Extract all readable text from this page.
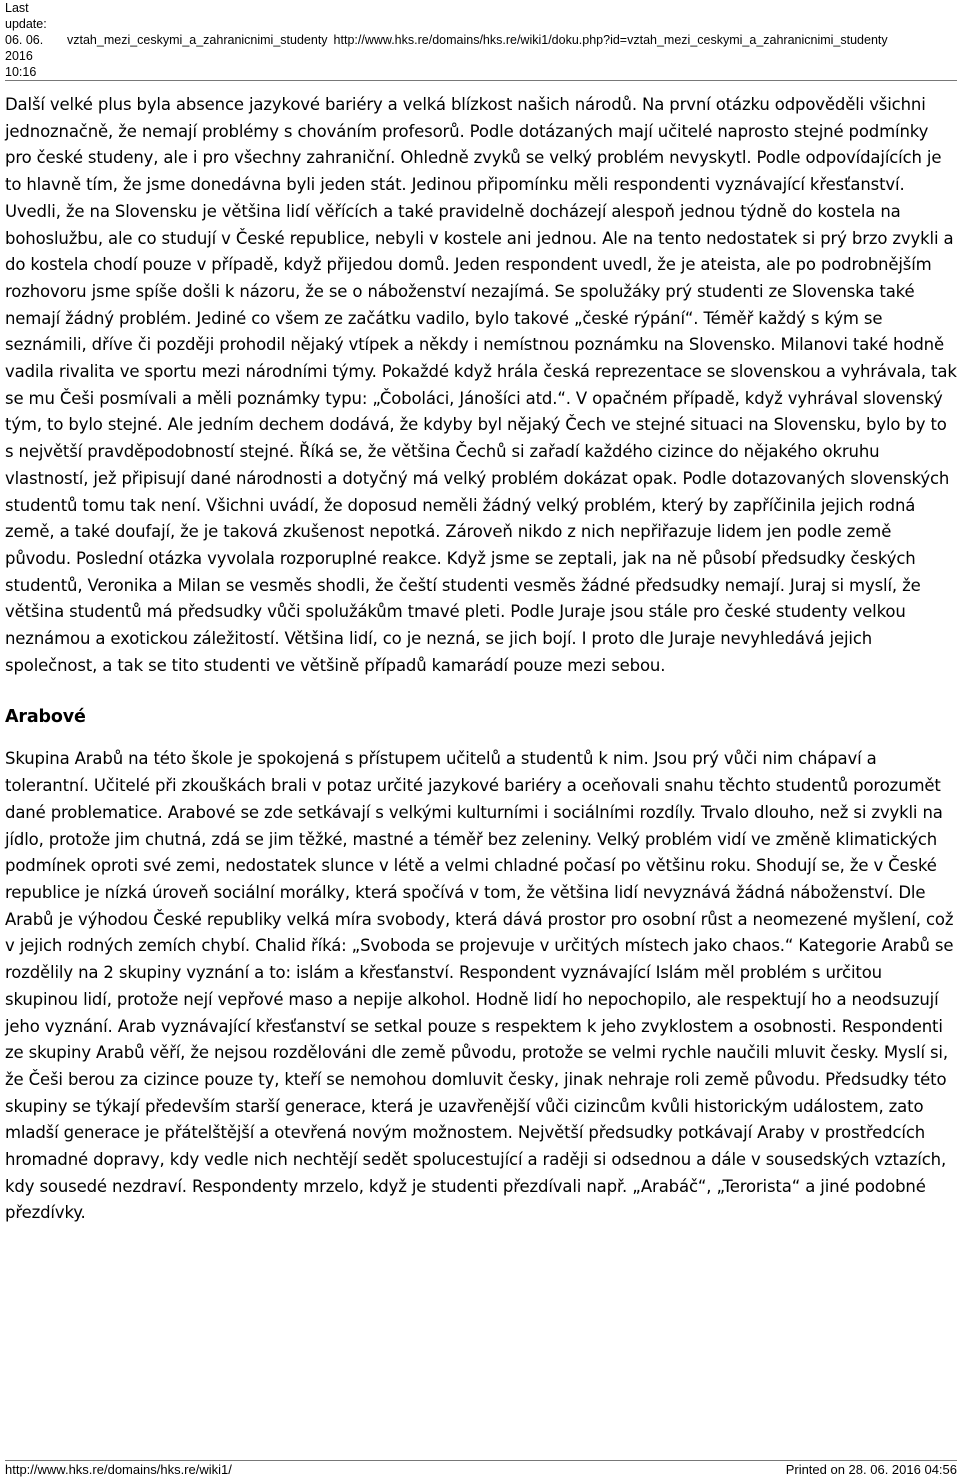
Last update:
06. 06. 2016 10:16
vztah_mezi_ceskymi_a_zahranicnimi_studenty http://www.hks.re/domains/hks.re/wiki1/doku.php?id=vztah_mezi_ceskymi_a_zahranicnimi_studenty

Další velké plus byla absence jazykové bariéry a velká blízkost našich národů. Na první otázku odpověděli všichni jednoznačně, že nemají problémy s chováním profesorů. Podle dotázaných mají učitelé naprosto stejné podmínky pro české studeny, ale i pro všechny zahraniční. Ohledně zvyků se velký problém nevyskytl. Podle odpovídajících je to hlavně tím, že jsme donedávna byli jeden stát. Jedinou připomínku měli respondenti vyznávající křesťanství. Uvedli, že na Slovensku je většina lidí věřících a také pravidelně docházejí alespoň jednou týdně do kostela na bohoslužbu, ale co studují v České republice, nebyli v kostele ani jednou. Ale na tento nedostatek si prý brzo zvykli a do kostela chodí pouze v případě, když přijedou domů. Jeden respondent uvedl, že je ateista, ale po podrobnějším rozhovoru jsme spíše došli k názoru, že se o náboženství nezajímá. Se spolužáky prý studenti ze Slovenska také nemají žádný problém. Jediné co všem ze začátku vadilo, bylo takové „české rýpání“. Téměř každý s kým se seznámili, dříve či později prohodil nějaký vtípek a někdy i nemístnou poznámku na Slovensko. Milanovi také hodně vadila rivalita ve sportu mezi národními týmy. Pokaždé když hrála česká reprezentace se slovenskou a vyhrávala, tak se mu Češi posmívali a měli poznámky typu: „Čoboláci, Jánošíci atd.“. V opačném případě, když vyhrával slovenský tým, to bylo stejné. Ale jedním dechem dodává, že kdyby byl nějaký Čech ve stejné situaci na Slovensku, bylo by to s největší pravděpodobností stejné. Říká se, že většina Čechů si zařadí každého cizince do nějakého okruhu vlastností, jež připisují dané národnosti a dotyčný má velký problém dokázat opak. Podle dotazovaných slovenských studentů tomu tak není. Všichni uvádí, že doposud neměli žádný velký problém, který by zapříčinila jejich rodná země, a také doufají, že je taková zkušenost nepotká. Zároveň nikdo z nich nepřiřazuje lidem jen podle země původu. Poslední otázka vyvolala rozporuplné reakce. Když jsme se zeptali, jak na ně působí předsudky českých studentů, Veronika a Milan se vesměs shodli, že čeští studenti vesměs žádné předsudky nemají. Juraj si myslí, že většina studentů má předsudky vůči spolužákům tmavé pleti. Podle Juraje jsou stále pro české studenty velkou neznámou a exotickou záležitostí. Většina lidí, co je nezná, se jich bojí. I proto dle Juraje nevyhledává jejich společnost, a tak se tito studenti ve většině případů kamarádí pouze mezi sebou.

Arabové

Skupina Arabů na této škole je spokojená s přístupem učitelů a studentů k nim. Jsou prý vůči nim chápaví a tolerantní. Učitelé při zkouškách brali v potaz určité jazykové bariéry a oceňovali snahu těchto studentů porozumět dané problematice. Arabové se zde setkávají s velkými kulturními i sociálními rozdíly. Trvalo dlouho, než si zvykli na jídlo, protože jim chutná, zdá se jim těžké, mastné a téměř bez zeleniny. Velký problém vidí ve změně klimatických podmínek oproti své zemi, nedostatek slunce v létě a velmi chladné počasí po většinu roku. Shodují se, že v České republice je nízká úroveň sociální morálky, která spočívá v tom, že většina lidí nevyznává žádná náboženství. Dle Arabů je výhodou České republiky velká míra svobody, která dává prostor pro osobní růst a neomezené myšlení, což v jejich rodných zemích chybí. Chalid říká: „Svoboda se projevuje v určitých místech jako chaos.“ Kategorie Arabů se rozdělily na 2 skupiny vyznání a to: islám a křesťanství. Respondent vyznávající Islám měl problém s určitou skupinou lidí, protože nejí vepřové maso a nepije alkohol. Hodně lidí ho nepochopilo, ale respektují ho a neodsuzují jeho vyznání. Arab vyznávající křesťanství se setkal pouze s respektem k jeho zvyklostem a osobnosti. Respondenti ze skupiny Arabů věří, že nejsou rozdělováni dle země původu, protože se velmi rychle naučili mluvit česky. Myslí si, že Češi berou za cizince pouze ty, kteří se nemohou domluvit česky, jinak nehraje roli země původu. Předsudky této skupiny se týkají především starší generace, která je uzavřenější vůči cizincům kvůli historickým událostem, zato mladší generace je přátelštější a otevřená novým možnostem. Největší předsudky potkávají Araby v prostředcích hromadné dopravy, kdy vedle nich nechtějí sedět spolucestující a raději si odsednou a dále v sousedských vztazích, kdy sousedé nezdraví. Respondenty mrzelo, když je studenti přezdívali např. „Arabáč“, „Terorista“ a jiné podobné přezdívky.

http://www.hks.re/domains/hks.re/wiki1/	Printed on 28. 06. 2016 04:56
